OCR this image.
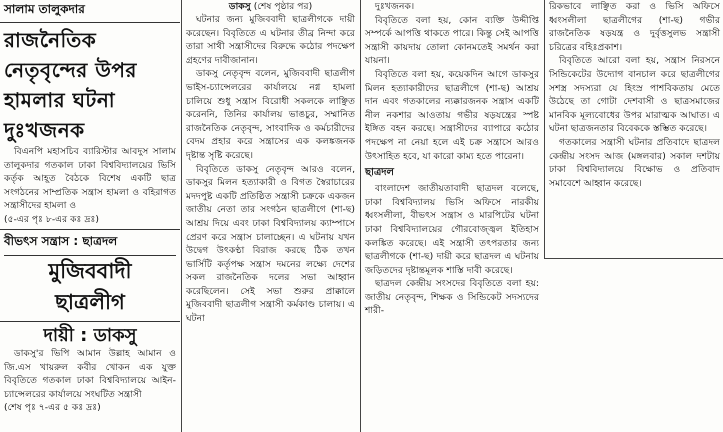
সালাম তালুকদার
রাজনৈতিক
নেতৃবৃন্দের উপর
হামলার ঘটনা
দুঃখজনক

বিএনপি মহাসচিব ব্যারিস্টার আবদুস সালাম তালুকদার গতকাল ঢাকা বিশ্ববিদ্যালয়ের ভিসি কর্তৃক আহূত বৈঠকে বিশেষ একটি ছাত্র সংগঠনের সাম্প্রতিক সন্ত্রাস হামলা ও বহিরাগত সন্ত্রাসীদের হামলা ও

(৫-এর পৃঃ ৮-এর কঃ দ্রঃ)
বীভৎস সন্ত্রাস : ছাত্রদল
মুজিববাদী
ছাত্রলীগ
দায়ী : ডাকসু

ডাকসু'র ভিপি আমান উল্লাহ আমান ও জি.এস খায়রুল কবীর খোকন এক যুক্ত বিবৃতিতে গতকাল ঢাকা বিশ্ববিদ্যালয়ে আইন-চ্যান্সেলরের কার্যালয়ে সংঘটিত সন্ত্রাসী

(শেষ পৃঃ ৭-এর ৫ কঃ দ্রঃ)
ডাকসু (শেষ পৃষ্ঠার পর)

ঘটনার জন্য মুজিববাদী ছাত্রলীগকে দায়ী করেছেন। বিবৃতিতে এ ঘটনার তীব্র নিন্দা করে তারা সাথী সন্ত্রাসীদের বিরুদ্ধে কঠোর পদক্ষেপ গ্রহণের দাবীজানান।

ডাকসু নেতৃবৃন্দ বলেন, মুজিববাদী ছাত্রলীগ ভাইস-চ্যান্সেলরের কার্যালয়ে নগ্ন হামলা চালিয়ে শুধু সন্ত্রাস বিরোধী সকলকে লাঞ্ছিত করেননি, তিনির কার্যালয় ভাঙচুর, সম্মানিত রাজনৈতিক নেতৃবৃন্দ, সাংবাদিক ও কর্মচারীদের বেদম প্রহার করে সন্ত্রাসের এক কলঙ্কজনক দৃষ্টান্ত সৃষ্টি করেছে।

বিবৃতিতে ডাকসু নেতৃবৃন্দ আরও বলেন, ডাকসুর মিলন হত্যাকারী ও বিগত স্বৈরাচারের মদদপুষ্ট একটি প্রতিষ্ঠিত সন্ত্রাসী চক্রকে একজন জাতীয় নেতা তার সংগঠন ছাত্রলীগে (শা-ছ) আশ্রয় দিয়ে এবং ঢাকা বিশ্ববিদ্যালয় ক্যাম্পাসে প্রেরণ করে সন্ত্রাস চালাচ্ছেন। এ ঘটনায় যখন উদ্বেগ উৎকণ্ঠা বিরাজ করছে ঠিক তখন ভার্সিটি কর্তৃপক্ষ সন্ত্রাস দমনের লক্ষ্যে দেশের সকল রাজনৈতিক দলের সভা আহ্বান করেছিলেন। সেই সভা শুরুর প্রাক্কালে মুজিববাদী ছাত্রলীগ সন্ত্রাসী কর্মকাণ্ড চালায়। এ ঘটনা

দুঃখজনক।

বিবৃতিতে বলা হয়, কোন ব্যক্তি উদ্দীপ্তি সম্পর্কে আপত্তি থাকতে পারে। কিন্তু সেই আপত্তি সন্ত্রাসী কায়দায় তোলা কোনমতেই সমর্থন করা যায়না।

বিবৃতিতে বলা হয়, কয়েকদিন আগে ডাকসুর মিলন হত্যাকারীদের ছাত্রলীগে (শা-ছ) আশ্রয় দান এবং গতকালের ন্যক্কারজনক সন্ত্রাস একটি নীল নকশার আওতায় গভীর ষড়যন্ত্রের স্পষ্ট ইঙ্গিত বহন করছে। সন্ত্রাসীদের ব্যাপারে কঠোর পদক্ষেপ না নেয়া হলে এই চক্র সন্ত্রাসে আরও উৎসাহিত হবে, যা কারো কাম্য হতে পারেনা।

ছাত্রদল

বাংলাদেশ জাতীয়তাবাদী ছাত্রদল বলেছে, ঢাকা বিশ্ববিদ্যালয় ভিসি অফিসে নারকীয় ধ্বংসলীলা, বীভৎস সন্ত্রাস ও মারপিটের ঘটনা ঢাকা বিশ্ববিদ্যালয়ের গৌরবোজ্জ্বল ইতিহাস কলঙ্কিত করেছে। এই সন্ত্রাসী তৎপরতার জন্য ছাত্রলীগকে (শা-ছ) দায়ী করে ছাত্রদল এ ঘটনায় জড়িতদের দৃষ্টান্তমূলক শাস্তি দাবী করেছে।

ছাত্রদল কেন্দ্রীয় সংসদের বিবৃতিতে বলা হয়: জাতীয় নেতৃবৃন্দ, শিক্ষক ও সিন্ডিকেট সদস্যদের শারী-

রিকভাবে লাঞ্ছিত করা ও ভিসি অফিসে ধ্বংসলীলা ছাত্রলীগের (শা-ছ) গভীর রাজনৈতিক ষড়যন্ত্র ও দুর্বৃত্তসুলভ সন্ত্রাসী চরিত্রের বহিঃপ্রকাশ।

বিবৃতিতে আরো বলা হয়, সন্ত্রাস নিরসনে সিন্ডিকেটের উদ্যোগ বানচাল করে ছাত্রলীগের সশস্ত্র সদস্যরা যে হিংস্র পাশবিকতায় মেতে উঠেছে তা গোটা দেশবাসী ও ছাত্রসমাজের মানবিক মূল্যবোধের উপর মারাত্মক আঘাত। এ ঘটনা ছাত্রজনতার বিবেককে স্তম্ভিত করেছে।

গতকালের সন্ত্রাসী ঘটনার প্রতিবাদে ছাত্রদল কেন্দ্রীয় সংসদ আজ (মঙ্গলবার) সকাল দশটায় ঢাকা বিশ্ববিদ্যালয়ে বিক্ষোভ ও প্রতিবাদ সমাবেশে আহ্বান করেছে।
